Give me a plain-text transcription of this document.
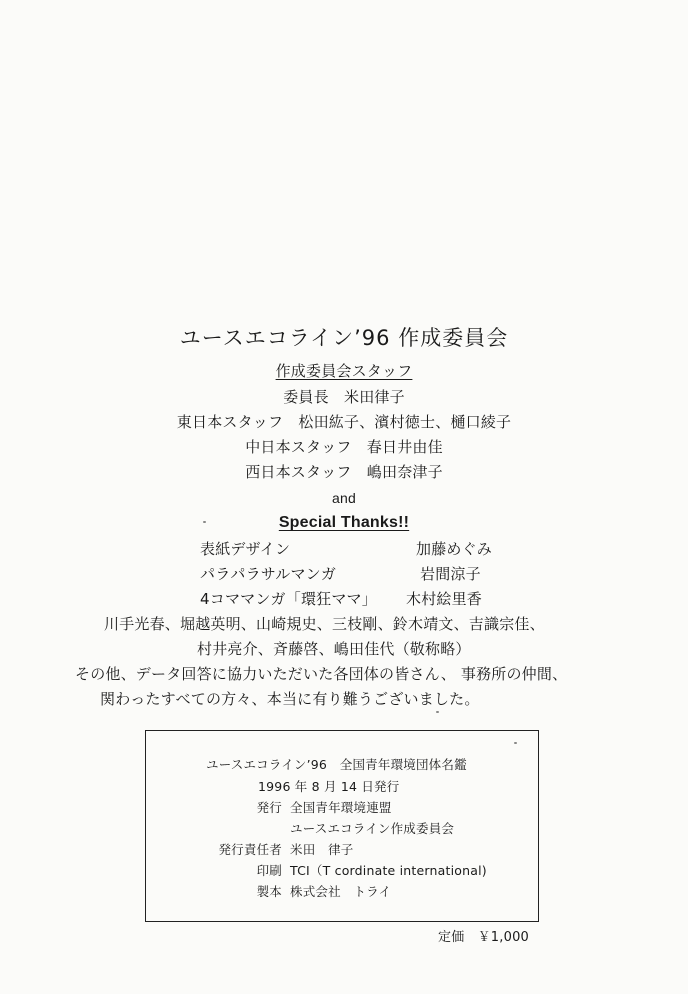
ユースエコライン’96 作成委員会
作成委員会スタッフ
委員長　米田律子
東日本スタッフ　松田紘子、濱村徳士、樋口綾子
中日本スタッフ　春日井由佳
西日本スタッフ　嶋田奈津子
and
Special Thanks!!
表紙デザイン	加藤めぐみ
パラパラサルマンガ	岩間涼子
4コママンガ「環狂ママ」 木村絵里香
川手光春、堀越英明、山崎規史、三枝剛、鈴木靖文、吉識宗佳、
村井亮介、斉藤啓、嶋田佳代（敬称略）
その他、データ回答に協力いただいた各団体の皆さん、 事務所の仲間、
関わったすべての方々、本当に有り難うございました。
ユースエコライン’96　全国青年環境団体名鑑
1996 年 8 月 14 日発行
発行 全国青年環境連盟
ユースエコライン作成委員会
発行責任者 米田　律子
印刷 TCI（T cordinate international)
製本 株式会社　トライ
定価　￥1,000
